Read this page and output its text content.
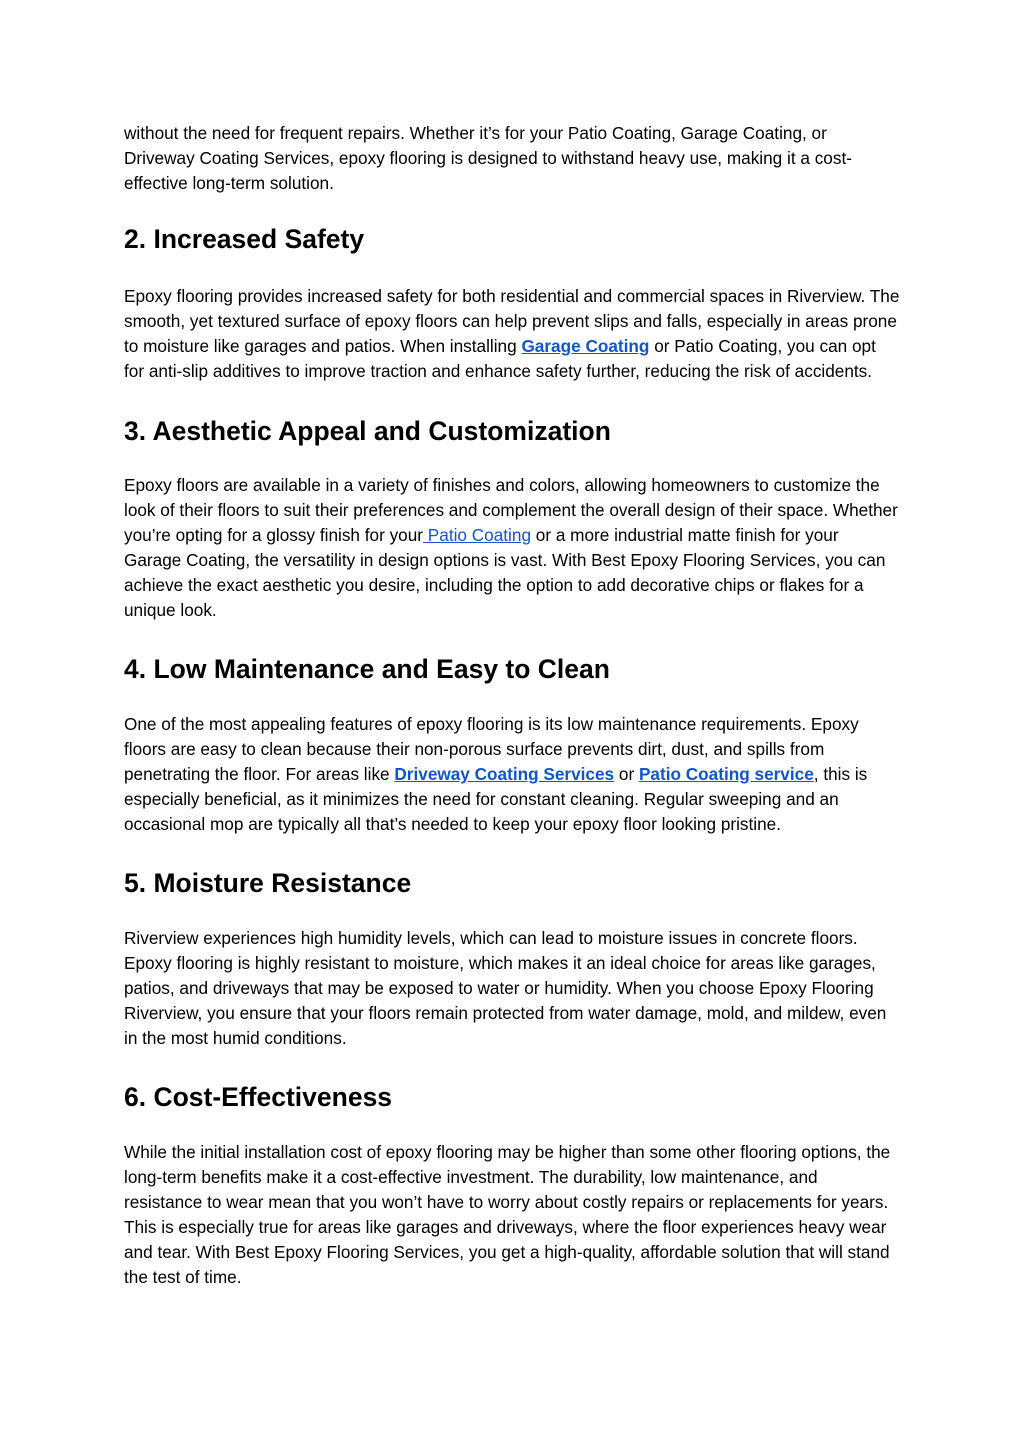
without the need for frequent repairs. Whether it’s for your Patio Coating, Garage Coating, or Driveway Coating Services, epoxy flooring is designed to withstand heavy use, making it a cost-effective long-term solution.

2. Increased Safety

Epoxy flooring provides increased safety for both residential and commercial spaces in Riverview. The smooth, yet textured surface of epoxy floors can help prevent slips and falls, especially in areas prone to moisture like garages and patios. When installing Garage Coating or Patio Coating, you can opt for anti-slip additives to improve traction and enhance safety further, reducing the risk of accidents.

3. Aesthetic Appeal and Customization

Epoxy floors are available in a variety of finishes and colors, allowing homeowners to customize the look of their floors to suit their preferences and complement the overall design of their space. Whether you’re opting for a glossy finish for your Patio Coating or a more industrial matte finish for your Garage Coating, the versatility in design options is vast. With Best Epoxy Flooring Services, you can achieve the exact aesthetic you desire, including the option to add decorative chips or flakes for a unique look.

4. Low Maintenance and Easy to Clean

One of the most appealing features of epoxy flooring is its low maintenance requirements. Epoxy floors are easy to clean because their non-porous surface prevents dirt, dust, and spills from penetrating the floor. For areas like Driveway Coating Services or Patio Coating service, this is especially beneficial, as it minimizes the need for constant cleaning. Regular sweeping and an occasional mop are typically all that’s needed to keep your epoxy floor looking pristine.

5. Moisture Resistance

Riverview experiences high humidity levels, which can lead to moisture issues in concrete floors. Epoxy flooring is highly resistant to moisture, which makes it an ideal choice for areas like garages, patios, and driveways that may be exposed to water or humidity. When you choose Epoxy Flooring Riverview, you ensure that your floors remain protected from water damage, mold, and mildew, even in the most humid conditions.

6. Cost-Effectiveness

While the initial installation cost of epoxy flooring may be higher than some other flooring options, the long-term benefits make it a cost-effective investment. The durability, low maintenance, and resistance to wear mean that you won’t have to worry about costly repairs or replacements for years. This is especially true for areas like garages and driveways, where the floor experiences heavy wear and tear. With Best Epoxy Flooring Services, you get a high-quality, affordable solution that will stand the test of time.
